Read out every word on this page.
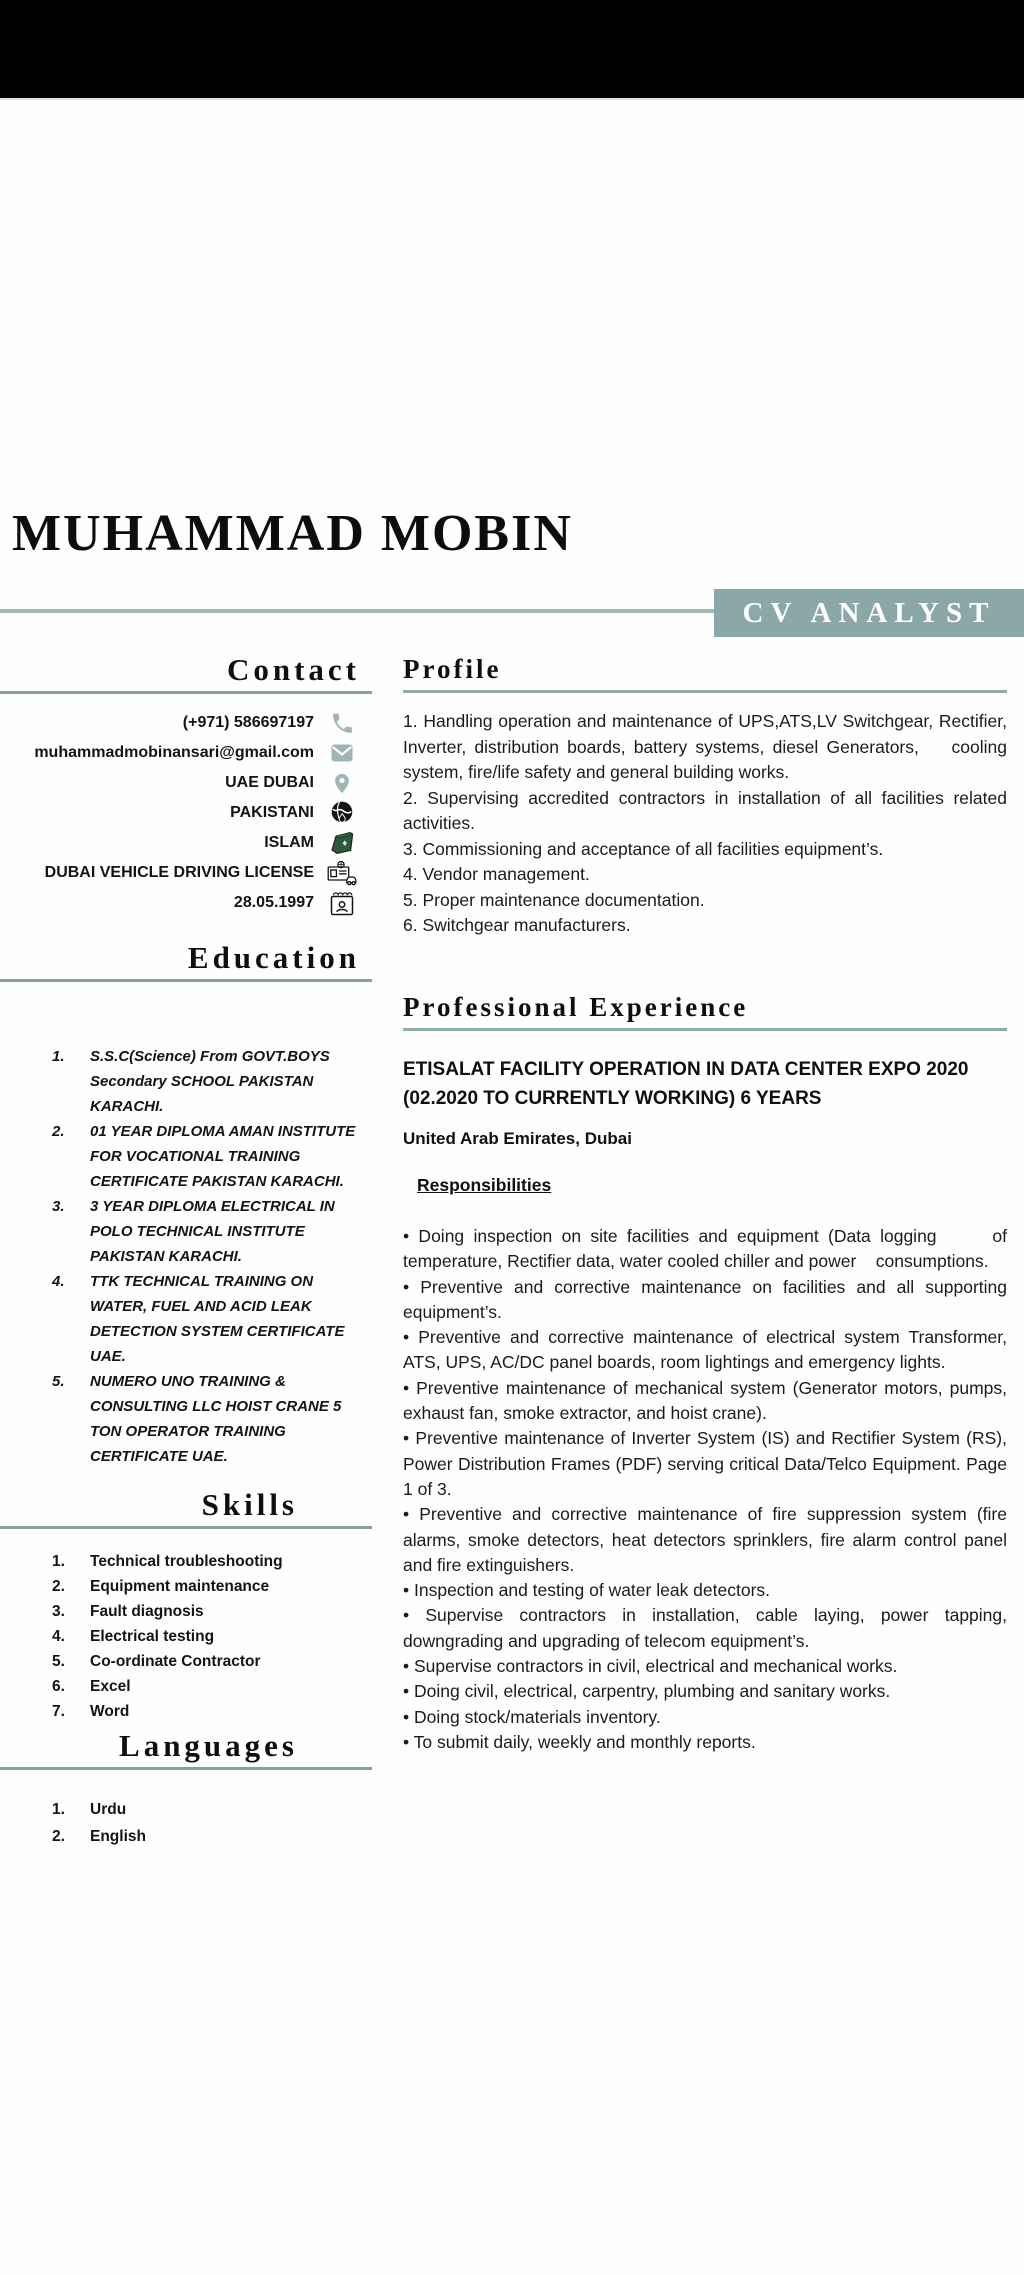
MUHAMMAD MOBIN
CV ANALYST
Contact
(+971) 586697197
muhammadmobinansari@gmail.com
UAE DUBAI
PAKISTANI
ISLAM
DUBAI VEHICLE DRIVING LICENSE
28.05.1997
Education
1.	S.S.C(Science) From GOVT.BOYS Secondary SCHOOL PAKISTAN KARACHI.
2.	01 YEAR DIPLOMA AMAN INSTITUTE FOR VOCATIONAL TRAINING CERTIFICATE PAKISTAN KARACHI.
3.	3 YEAR DIPLOMA ELECTRICAL IN POLO TECHNICAL INSTITUTE PAKISTAN KARACHI.
4.	TTK TECHNICAL TRAINING ON WATER, FUEL AND ACID LEAK DETECTION SYSTEM CERTIFICATE UAE.
5.	NUMERO UNO TRAINING & CONSULTING LLC HOIST CRANE 5 TON OPERATOR TRAINING CERTIFICATE UAE.
Skills
1.	Technical troubleshooting
2.	Equipment maintenance
3.	Fault diagnosis
4.	Electrical testing
5.	Co-ordinate Contractor
6.	Excel
7.	Word
Languages
1.	Urdu
2.	English
Profile
1. Handling operation and maintenance of UPS,ATS,LV Switchgear, Rectifier, Inverter, distribution boards, battery systems, diesel Generators,    cooling system, fire/life safety and general building works.
2. Supervising accredited contractors in installation of all facilities related activities.
3. Commissioning and acceptance of all facilities equipment’s.
4. Vendor management.
5. Proper maintenance documentation.
6. Switchgear manufacturers.
Professional Experience
ETISALAT FACILITY OPERATION IN DATA CENTER EXPO 2020 (02.2020 TO CURRENTLY WORKING) 6 YEARS
United Arab Emirates, Dubai
Responsibilities
• Doing inspection on site facilities and equipment (Data logging      of temperature, Rectifier data, water cooled chiller and power    consumptions.
• Preventive and corrective maintenance on facilities and all supporting equipment’s.
• Preventive and corrective maintenance of electrical system Transformer, ATS, UPS, AC/DC panel boards, room lightings and emergency lights.
• Preventive maintenance of mechanical system (Generator motors, pumps, exhaust fan, smoke extractor, and hoist crane).
• Preventive maintenance of Inverter System (IS) and Rectifier System (RS), Power Distribution Frames (PDF) serving critical Data/Telco Equipment. Page 1 of 3.
• Preventive and corrective maintenance of fire suppression system (fire alarms, smoke detectors, heat detectors sprinklers, fire alarm control panel and fire extinguishers.
• Inspection and testing of water leak detectors.
• Supervise contractors in installation, cable laying, power tapping, downgrading and upgrading of telecom equipment’s.
• Supervise contractors in civil, electrical and mechanical works.
• Doing civil, electrical, carpentry, plumbing and sanitary works.
• Doing stock/materials inventory.
• To submit daily, weekly and monthly reports.
